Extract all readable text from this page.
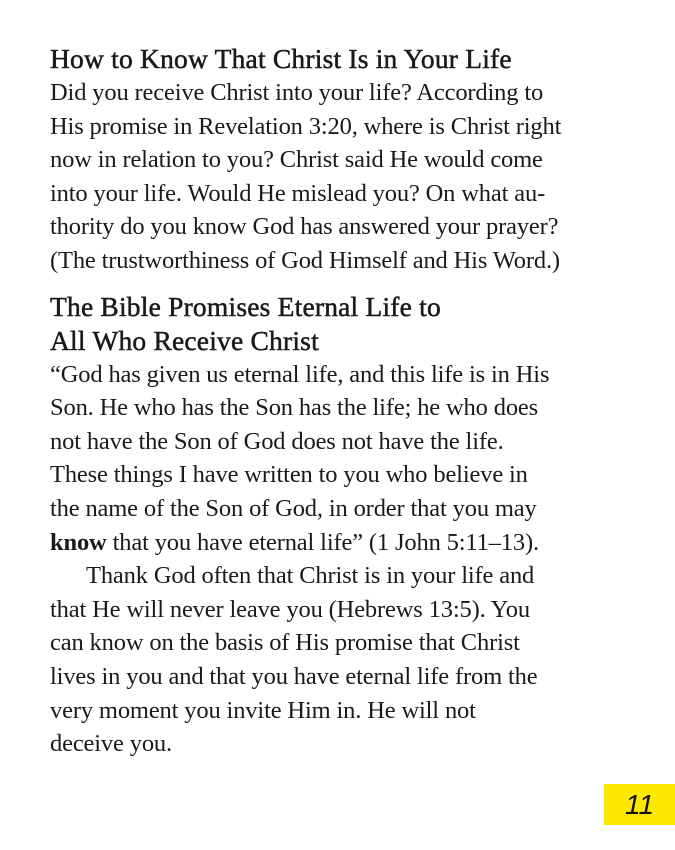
How to Know That Christ Is in Your Life

Did you receive Christ into your life? According to
His promise in Revelation 3:20, where is Christ right
now in relation to you? Christ said He would come
into your life. Would He mislead you? On what au-
thority do you know God has answered your prayer?
(The trustworthiness of God Himself and His Word.)

The Bible Promises Eternal Life to
All Who Receive Christ

“God has given us eternal life, and this life is in His
Son. He who has the Son has the life; he who does
not have the Son of God does not have the life.
These things I have written to you who believe in
the name of the Son of God, in order that you may
know that you have eternal life” (1 John 5:11–13).

Thank God often that Christ is in your life and
that He will never leave you (Hebrews 13:5). You
can know on the basis of His promise that Christ
lives in you and that you have eternal life from the
very moment you invite Him in. He will not
deceive you.

11
